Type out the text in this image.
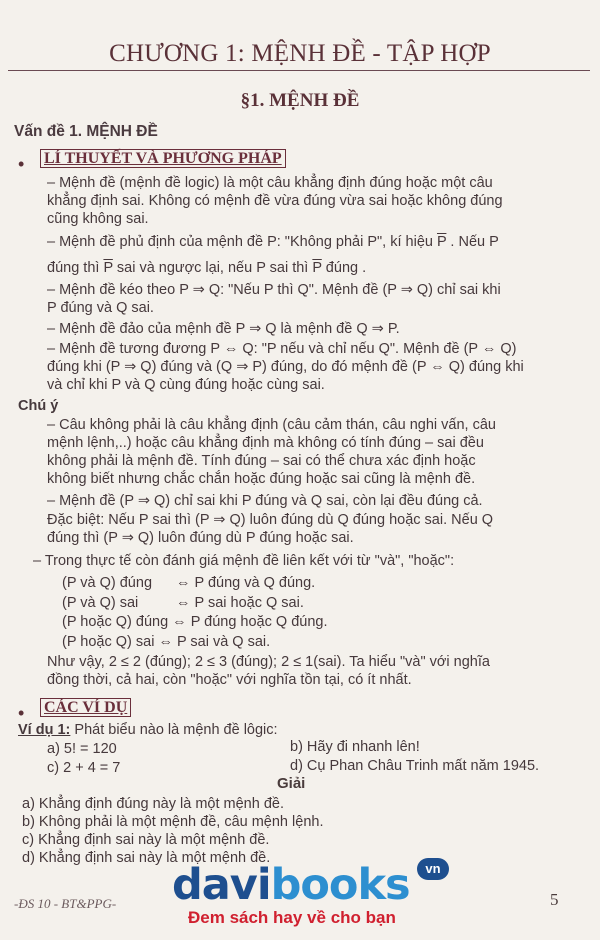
CHƯƠNG 1: MỆNH ĐỀ - TẬP HỢP
§1. MỆNH ĐỀ
Vấn đề 1. MỆNH ĐỀ
• LÍ THUYẾT VÀ PHƯƠNG PHÁP
– Mệnh đề (mệnh đề logic) là một câu khẳng định đúng hoặc một câu
khẳng định sai. Không có mệnh đề vừa đúng vừa sai hoặc không đúng
cũng không sai.
– Mệnh đề phủ định của mệnh đề P: "Không phải P", kí hiệu $\overline{P}$ . Nếu P
đúng thì $\overline{P}$ sai và ngược lại, nếu P sai thì $\overline{P}$ đúng .
– Mệnh đề kéo theo P ⇒ Q: "Nếu P thì Q". Mệnh đề (P ⇒ Q) chỉ sai khi
P đúng và Q sai.
– Mệnh đề đảo của mệnh đề P ⇒ Q là mệnh đề Q ⇒ P.
– Mệnh đề tương đương P ⇔ Q: "P nếu và chỉ nếu Q". Mệnh đề (P ⇔ Q)
đúng khi (P ⇒ Q) đúng và (Q ⇒ P) đúng, do đó mệnh đề (P ⇔ Q) đúng khi
và chỉ khi P và Q cùng đúng hoặc cùng sai.
Chú ý
– Câu không phải là câu khẳng định (câu cảm thán, câu nghi vấn, câu
mệnh lệnh,..) hoặc câu khẳng định mà không có tính đúng – sai đều
không phải là mệnh đề. Tính đúng – sai có thể chưa xác định hoặc
không biết nhưng chắc chắn hoặc đúng hoặc sai cũng là mệnh đề.
– Mệnh đề (P ⇒ Q) chỉ sai khi P đúng và Q sai, còn lại đều đúng cả.
Đặc biệt: Nếu P sai thì (P ⇒ Q) luôn đúng dù Q đúng hoặc sai. Nếu Q
đúng thì (P ⇒ Q) luôn đúng dù P đúng hoặc sai.
– Trong thực tế còn đánh giá mệnh đề liên kết với từ "và", "hoặc":
(P và Q) đúng ⇔ P đúng và Q đúng.
(P và Q) sai	⇔ P sai hoặc Q sai.
(P hoặc Q) đúng ⇔ P đúng hoặc Q đúng.
(P hoặc Q) sai ⇔ P sai và Q sai.
Như vậy, 2 ≤ 2 (đúng); 2 ≤ 3 (đúng); 2 ≤ 1(sai). Ta hiểu "và" với nghĩa
đồng thời, cả hai, còn "hoặc" với nghĩa tồn tại, có ít nhất.
• CÁC VÍ DỤ
Ví dụ 1: Phát biểu nào là mệnh đề lôgic:
a) 5! = 120	b) Hãy đi nhanh lên!
c) 2 + 4 = 7	d) Cụ Phan Châu Trinh mất năm 1945.
Giải
a) Khẳng định đúng này là một mệnh đề.
b) Không phải là một mệnh đề, câu mệnh lệnh.
c) Khẳng định sai này là một mệnh đề.
d) Khẳng định sai này là một mệnh đề.
-ĐS 10 - BT&PPG-	5
davibooks	vn
Đem sách hay về cho bạn
